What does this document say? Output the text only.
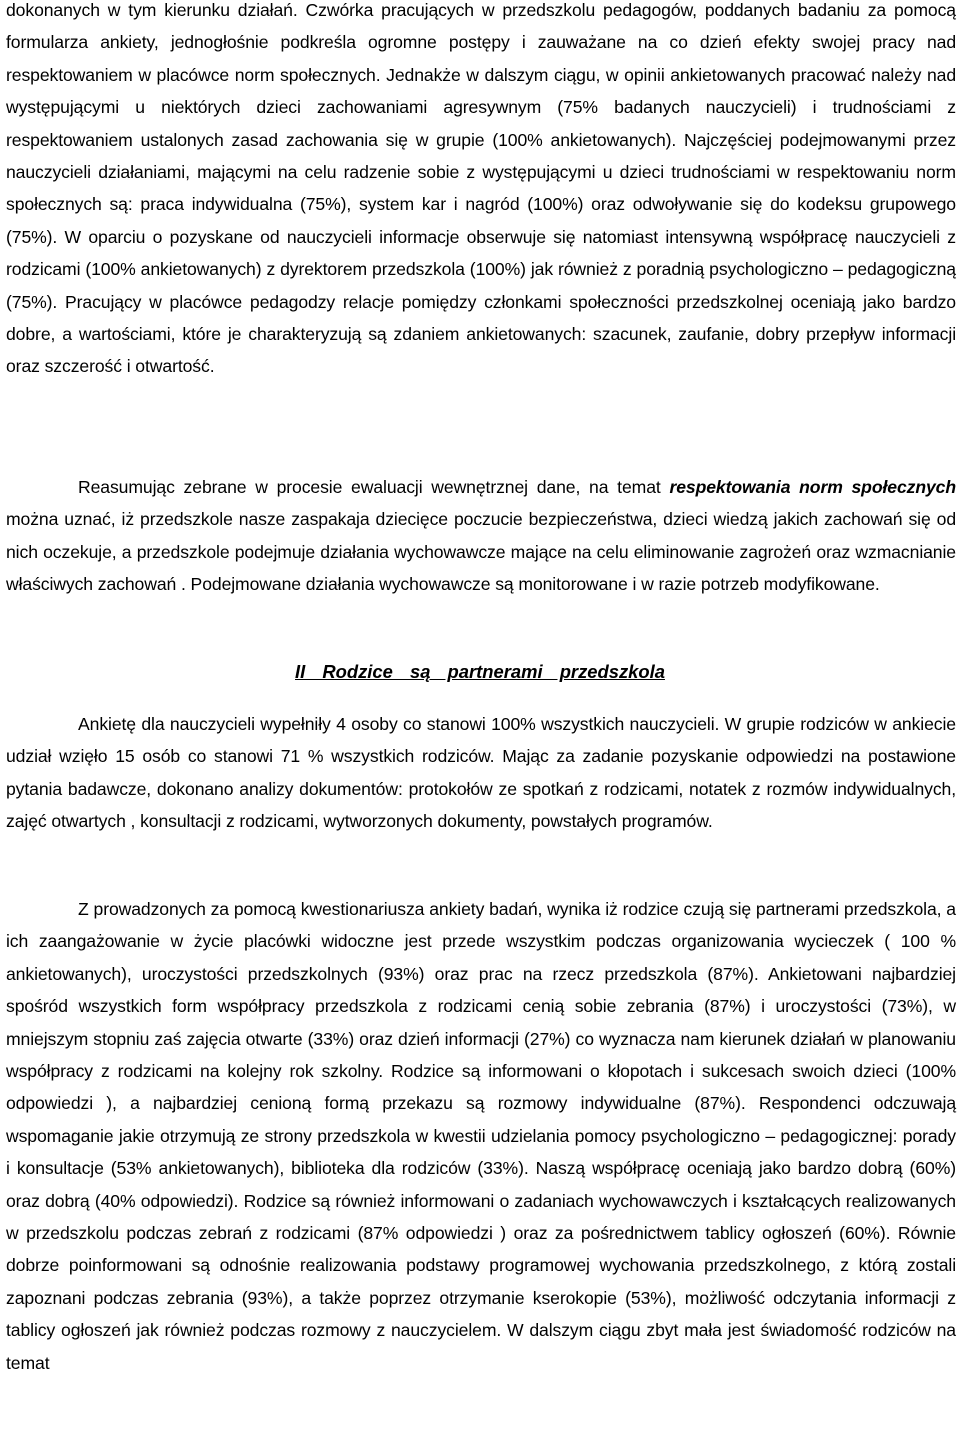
dokonanych w tym kierunku działań. Czwórka pracujących w przedszkolu pedagogów, poddanych badaniu za pomocą formularza ankiety, jednogłośnie podkreśla ogromne postępy i zauważane na co dzień efekty swojej pracy nad respektowaniem w placówce norm społecznych. Jednakże w dalszym ciągu, w opinii ankietowanych pracować należy nad występującymi u niektórych dzieci zachowaniami agresywnym (75% badanych nauczycieli) i trudnościami z respektowaniem ustalonych zasad zachowania się w grupie (100% ankietowanych). Najczęściej podejmowanymi przez nauczycieli działaniami, mającymi na celu radzenie sobie z występującymi u dzieci trudnościami w respektowaniu norm społecznych są: praca indywidualna (75%), system kar i nagród (100%) oraz odwoływanie się do kodeksu grupowego (75%). W oparciu o pozyskane od nauczycieli informacje obserwuje się natomiast intensywną współpracę nauczycieli z rodzicami (100% ankietowanych) z dyrektorem przedszkola (100%) jak również z poradnią psychologiczno – pedagogiczną (75%). Pracujący w placówce pedagodzy relacje pomiędzy członkami społeczności przedszkolnej oceniają jako bardzo dobre, a wartościami, które je charakteryzują są zdaniem ankietowanych: szacunek, zaufanie, dobry przepływ informacji oraz szczerość i otwartość.

Reasumując zebrane w procesie ewaluacji wewnętrznej dane, na temat respektowania norm społecznych można uznać, iż przedszkole nasze zaspakaja dziecięce poczucie bezpieczeństwa, dzieci wiedzą jakich zachowań się od nich oczekuje, a przedszkole podejmuje działania wychowawcze mające na celu eliminowanie zagrożeń oraz wzmacnianie właściwych zachowań . Podejmowane działania wychowawcze są monitorowane i w razie potrzeb modyfikowane.

II Rodzice są partnerami przedszkola

Ankietę dla nauczycieli wypełniły 4 osoby co stanowi 100% wszystkich nauczycieli. W grupie rodziców w ankiecie udział wzięło 15 osób co stanowi 71 % wszystkich rodziców. Mając za zadanie pozyskanie odpowiedzi na postawione pytania badawcze, dokonano analizy dokumentów: protokołów ze spotkań z rodzicami, notatek z rozmów indywidualnych, zajęć otwartych , konsultacji z rodzicami, wytworzonych dokumenty, powstałych programów.

Z prowadzonych za pomocą kwestionariusza ankiety badań, wynika iż rodzice czują się partnerami przedszkola, a ich zaangażowanie w życie placówki widoczne jest przede wszystkim podczas organizowania wycieczek ( 100 % ankietowanych), uroczystości przedszkolnych (93%) oraz prac na rzecz przedszkola (87%). Ankietowani najbardziej spośród wszystkich form współpracy przedszkola z rodzicami cenią sobie zebrania (87%) i uroczystości (73%), w mniejszym stopniu zaś zajęcia otwarte (33%) oraz dzień informacji (27%) co wyznacza nam kierunek działań w planowaniu współpracy z rodzicami na kolejny rok szkolny. Rodzice są informowani o kłopotach i sukcesach swoich dzieci (100% odpowiedzi ), a najbardziej cenioną formą przekazu są rozmowy indywidualne (87%). Respondenci odczuwają wspomaganie jakie otrzymują ze strony przedszkola w kwestii udzielania pomocy psychologiczno – pedagogicznej: porady i konsultacje (53% ankietowanych), biblioteka dla rodziców (33%). Naszą współpracę oceniają jako bardzo dobrą (60%) oraz dobrą (40% odpowiedzi). Rodzice są również informowani o zadaniach wychowawczych i kształcących realizowanych w przedszkolu podczas zebrań z rodzicami (87% odpowiedzi ) oraz za pośrednictwem tablicy ogłoszeń (60%). Równie dobrze poinformowani są odnośnie realizowania podstawy programowej wychowania przedszkolnego, z którą zostali zapoznani podczas zebrania (93%), a także poprzez otrzymanie kserokopie (53%), możliwość odczytania informacji z tablicy ogłoszeń jak również podczas rozmowy z nauczycielem. W dalszym ciągu zbyt mała jest świadomość rodziców na temat
